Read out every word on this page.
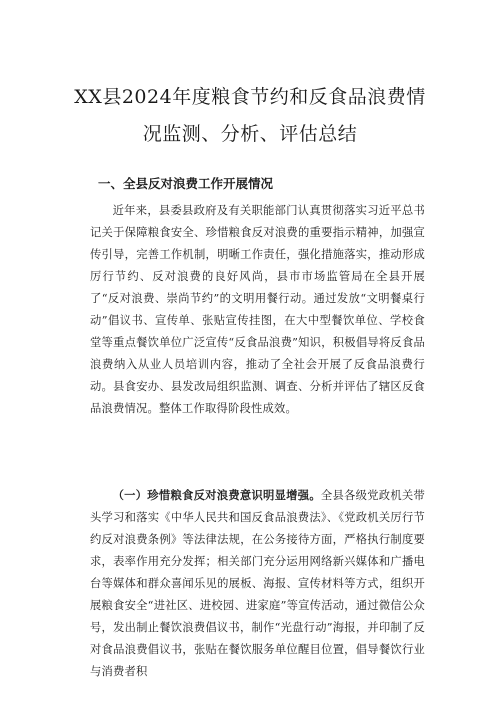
XX县2024年度粮食节约和反食品浪费情
况监测、分析、评估总结
一、全县反对浪费工作开展情况

近年来，县委县政府及有关职能部门认真贯彻落实习近平总书记关于保障粮食安全、珍惜粮食反对浪费的重要指示精神，加强宣传引导，完善工作机制，明晰工作责任，强化措施落实，推动形成厉行节约、反对浪费的良好风尚，县市市场监管局在全县开展了“反对浪费、崇尚节约”的文明用餐行动。通过发放“文明餐桌行动”倡议书、宣传单、张贴宣传挂图，在大中型餐饮单位、学校食堂等重点餐饮单位广泛宣传“反食品浪费”知识，积极倡导将反食品浪费纳入从业人员培训内容，推动了全社会开展了反食品浪费行动。县食安办、县发改局组织监测、调查、分析并评估了辖区反食品浪费情况。整体工作取得阶段性成效。

（一）珍惜粮食反对浪费意识明显增强。全县各级党政机关带头学习和落实《中华人民共和国反食品浪费法》、《党政机关厉行节约反对浪费条例》等法律法规，在公务接待方面，严格执行制度要求，表率作用充分发挥；相关部门充分运用网络新兴媒体和广播电台等媒体和群众喜闻乐见的展板、海报、宣传材料等方式，组织开展粮食安全“进社区、进校园、进家庭”等宣传活动，通过微信公众号，发出制止餐饮浪费倡议书，制作“光盘行动”海报，并印制了反对食品浪费倡议书，张贴在餐饮服务单位醒目位置，倡导餐饮行业与消费者积
